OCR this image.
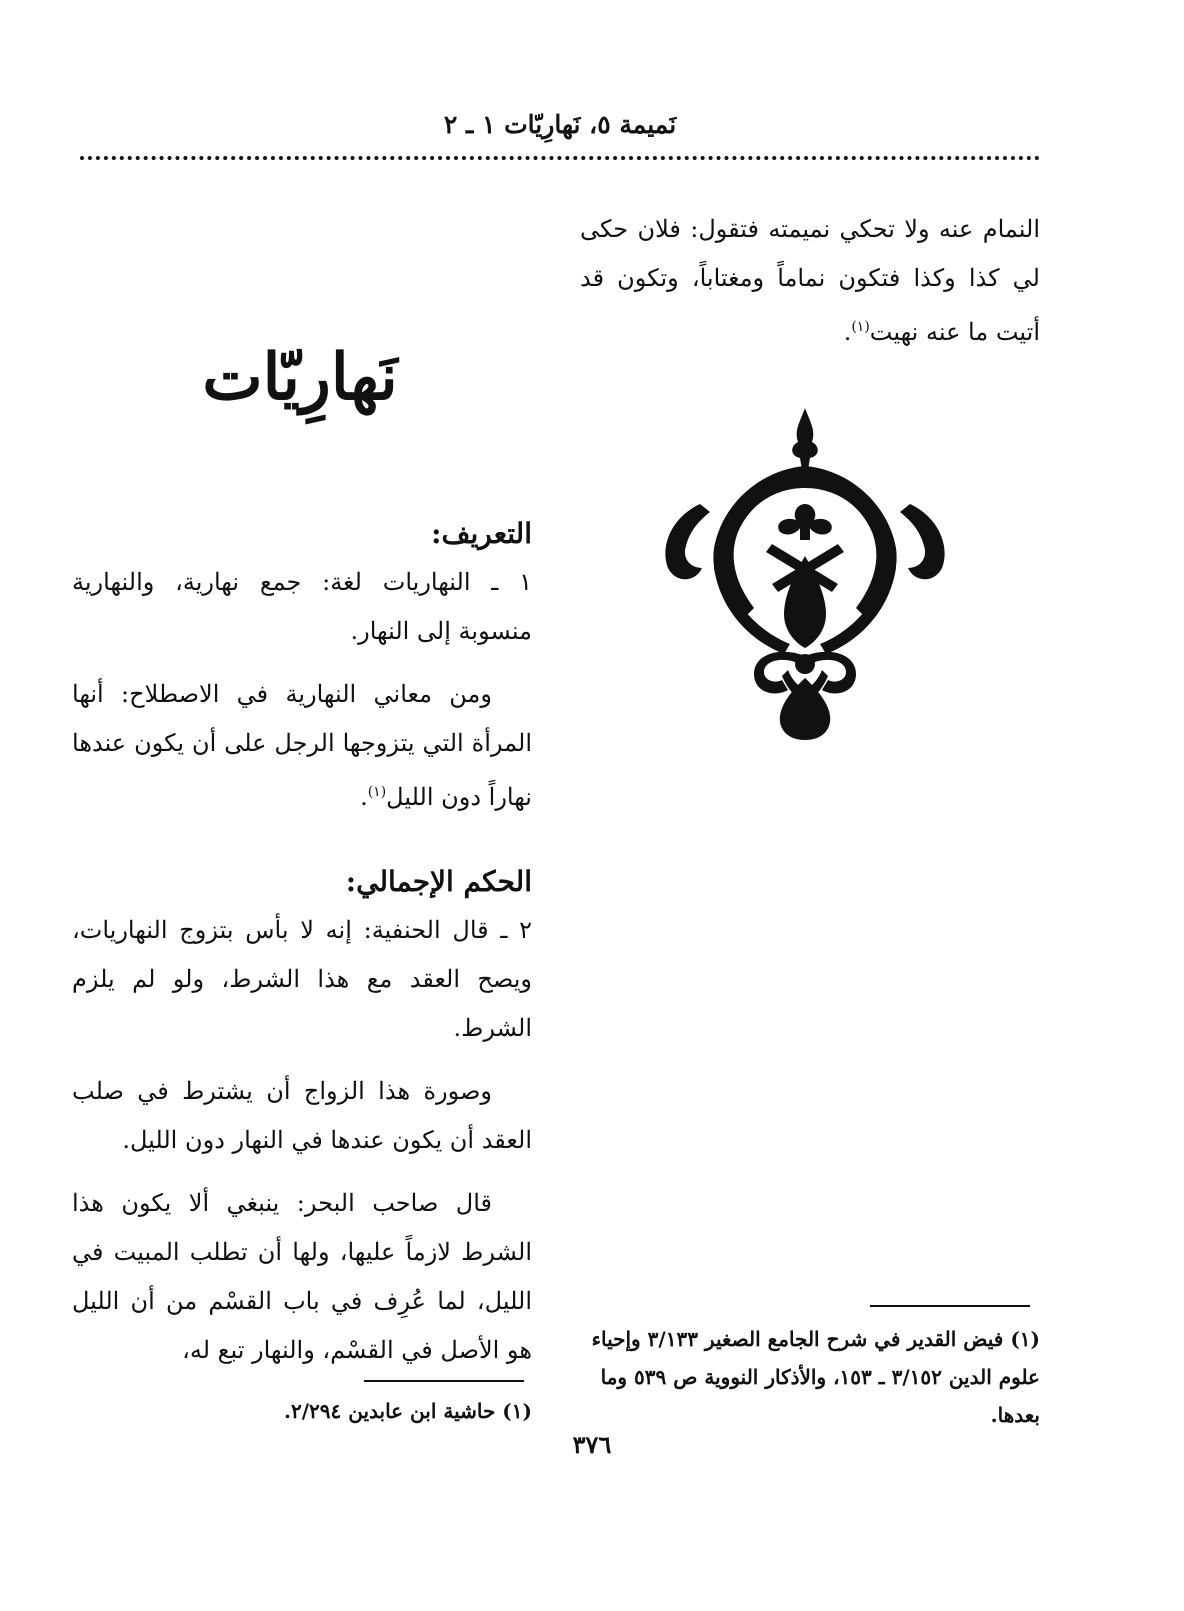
نَميمة ٥، نَهارِيّات ١ ـ ٢

النمام عنه ولا تحكي نميمته فتقول: فلان حكى لي كذا وكذا فتكون نماماً ومغتاباً، وتكون قد أتيت ما عنه نهيت$^{(١)}$.

(١) فيض القدير في شرح الجامع الصغير ٣/١٣٣ وإحياء علوم الدين ٣/١٥٢ ـ ١٥٣، والأذكار النووية ص ٥٣٩ وما بعدها.

نَهارِيّات
التعريف:

١ ـ النهاريات لغة: جمع نهارية، والنهارية منسوبة إلى النهار.

ومن معاني النهارية في الاصطلاح: أنها المرأة التي يتزوجها الرجل على أن يكون عندها نهاراً دون الليل$^{(١)}$.

الحكم الإجمالي:

٢ ـ قال الحنفية: إنه لا بأس بتزوج النهاريات، ويصح العقد مع هذا الشرط، ولو لم يلزم الشرط.

وصورة هذا الزواج أن يشترط في صلب العقد أن يكون عندها في النهار دون الليل.

قال صاحب البحر: ينبغي ألا يكون هذا الشرط لازماً عليها، ولها أن تطلب المبيت في الليل، لما عُرِف في باب القسْم من أن الليل هو الأصل في القسْم، والنهار تبع له،

(١) حاشية ابن عابدين ٢/٢٩٤.

٣٧٦
